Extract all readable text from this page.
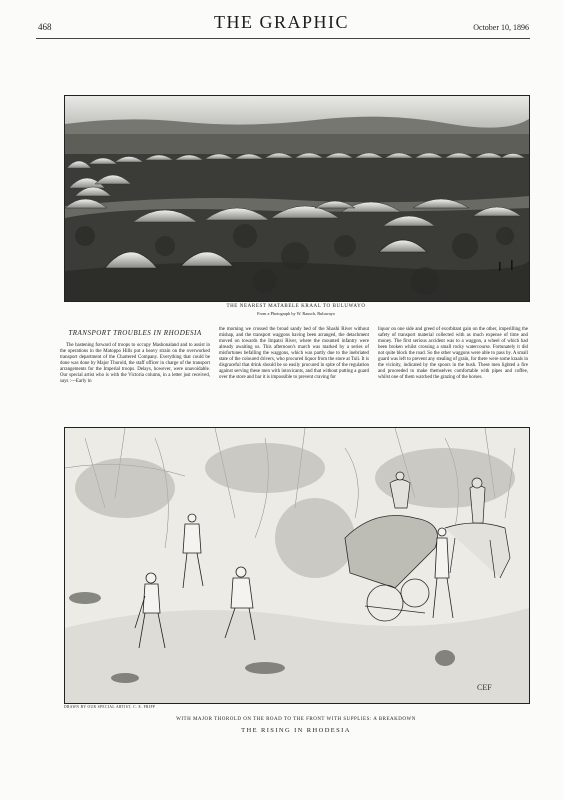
468	THE GRAPHIC	October 10, 1896
THE NEAREST MATABELE KRAAL TO BULUWAYO
From a Photograph by W. Rausch, Buluwayo
TRANSPORT TROUBLES IN RHODESIA
The hastening forward of troops to occupy Mashonaland and to assist in the operations in the Matoppo Hills put a heavy strain on the overworked transport department of the Chartered Company. Everything that could be done was done by Major Thorold, the staff officer in charge of the transport arrangements for the Imperial troops. Delays, however, were unavoidable. Our special artist who is with the Victoria column, in a letter just received, says :—Early in
the morning we crossed the broad sandy bed of the Shashi River without mishap, and the transport waggons having been arranged, the detachment moved on towards the Impatsi River, where the mounted infantry were already awaiting us. This afternoon's march was marked by a series of misfortunes befalling the waggons, which was partly due to the inebriated state of the coloured drivers, who procured liquor from the store at Tuli. It is disgraceful that drink should be so easily procured in spite of the regulation against serving these men with intoxicants, and that without putting a guard over the store and bar it is impossible to prevent craving for
liquor on one side and greed of exorbitant gain on the other, imperilling the safety of transport material collected with as much expense of time and money. The first serious accident was to a waggon, a wheel of which had been broken whilst crossing a small rocky watercourse. Fortunately it did not quite block the road. So the other waggons were able to pass by. A small guard was left to prevent any stealing of grain, for there were some kraals in the vicinity, indicated by the spoors in the bush. These men lighted a fire and proceeded to make themselves comfortable with pipes and coffee, whilst one of them watched the grazing of the horses.
CEF
DRAWN BY OUR SPECIAL ARTIST, C. E. FRIPP
WITH MAJOR THOROLD ON THE ROAD TO THE FRONT WITH SUPPLIES: A BREAKDOWN
THE RISING IN RHODESIA
